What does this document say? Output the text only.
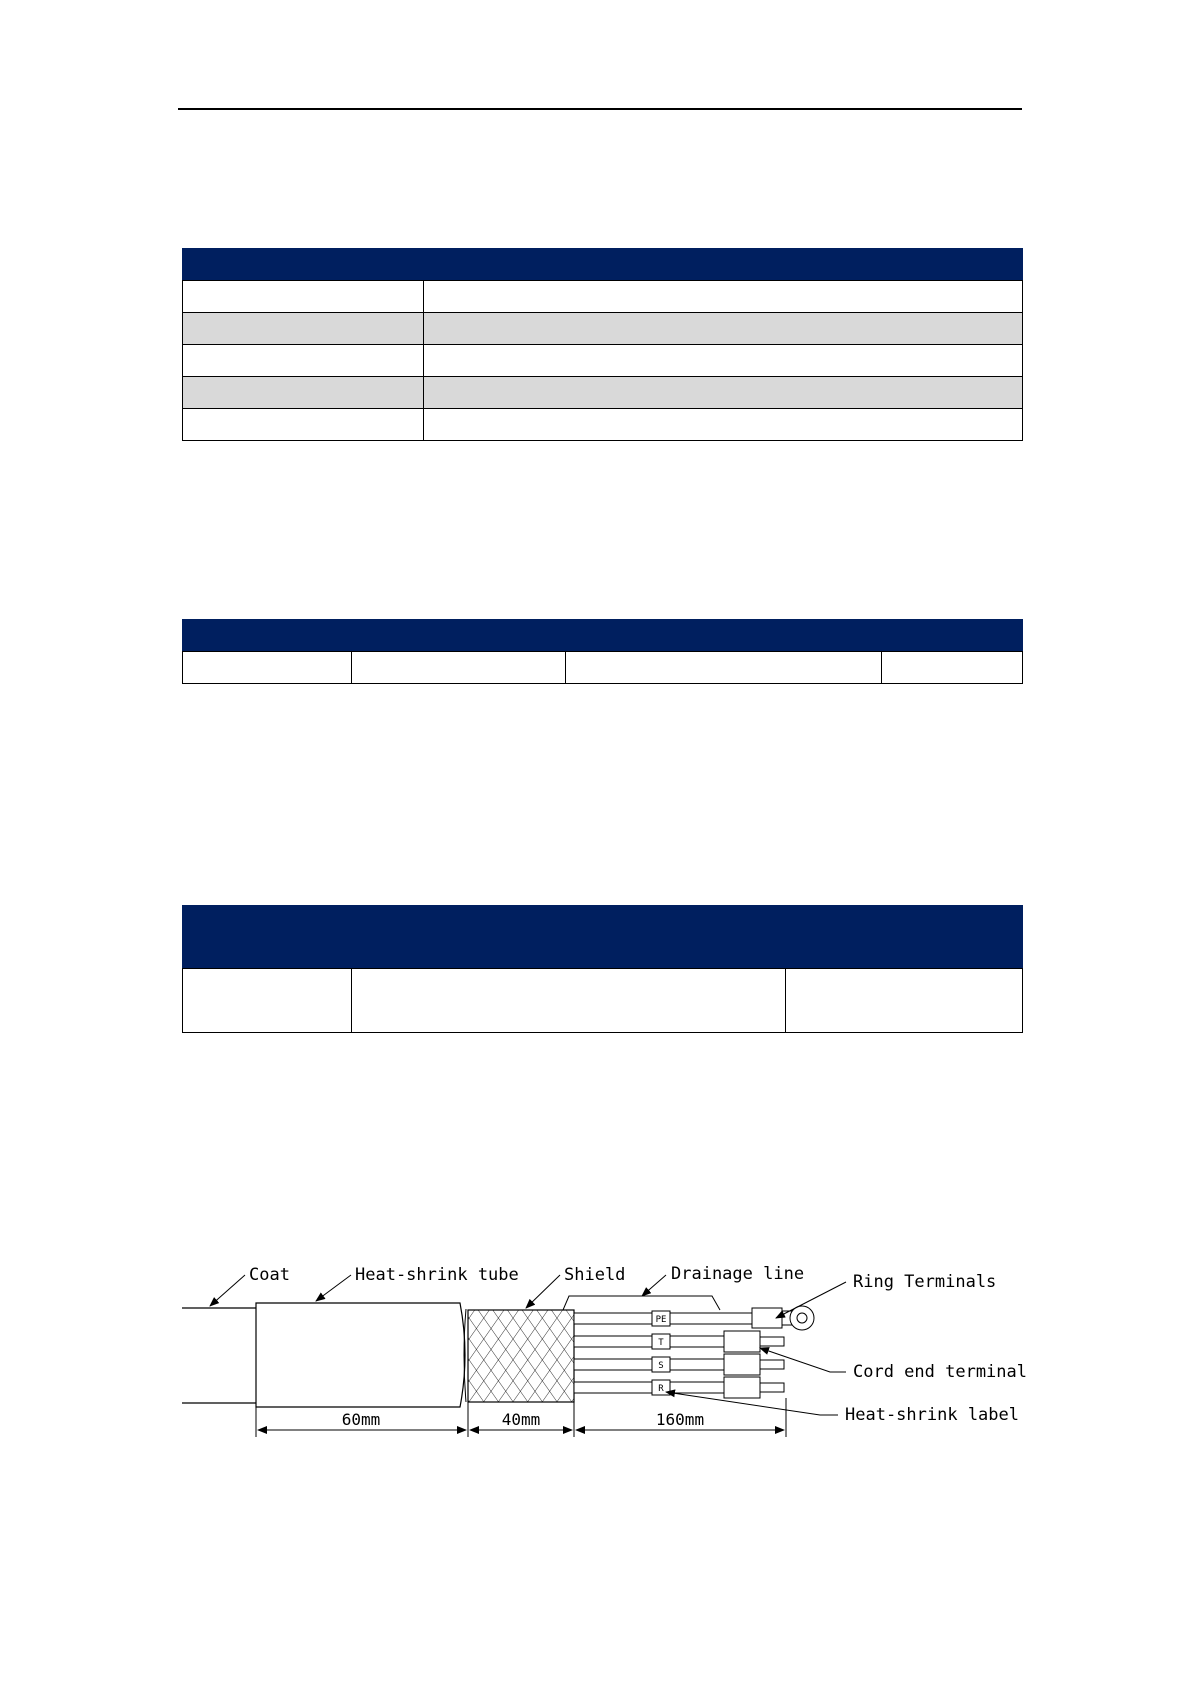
PE
T
S
R
Coat	Heat-shrink tube	Shield	Drainage line	Ring Terminals
Cord end terminal
Heat-shrink label
60mm	40mm	160mm
